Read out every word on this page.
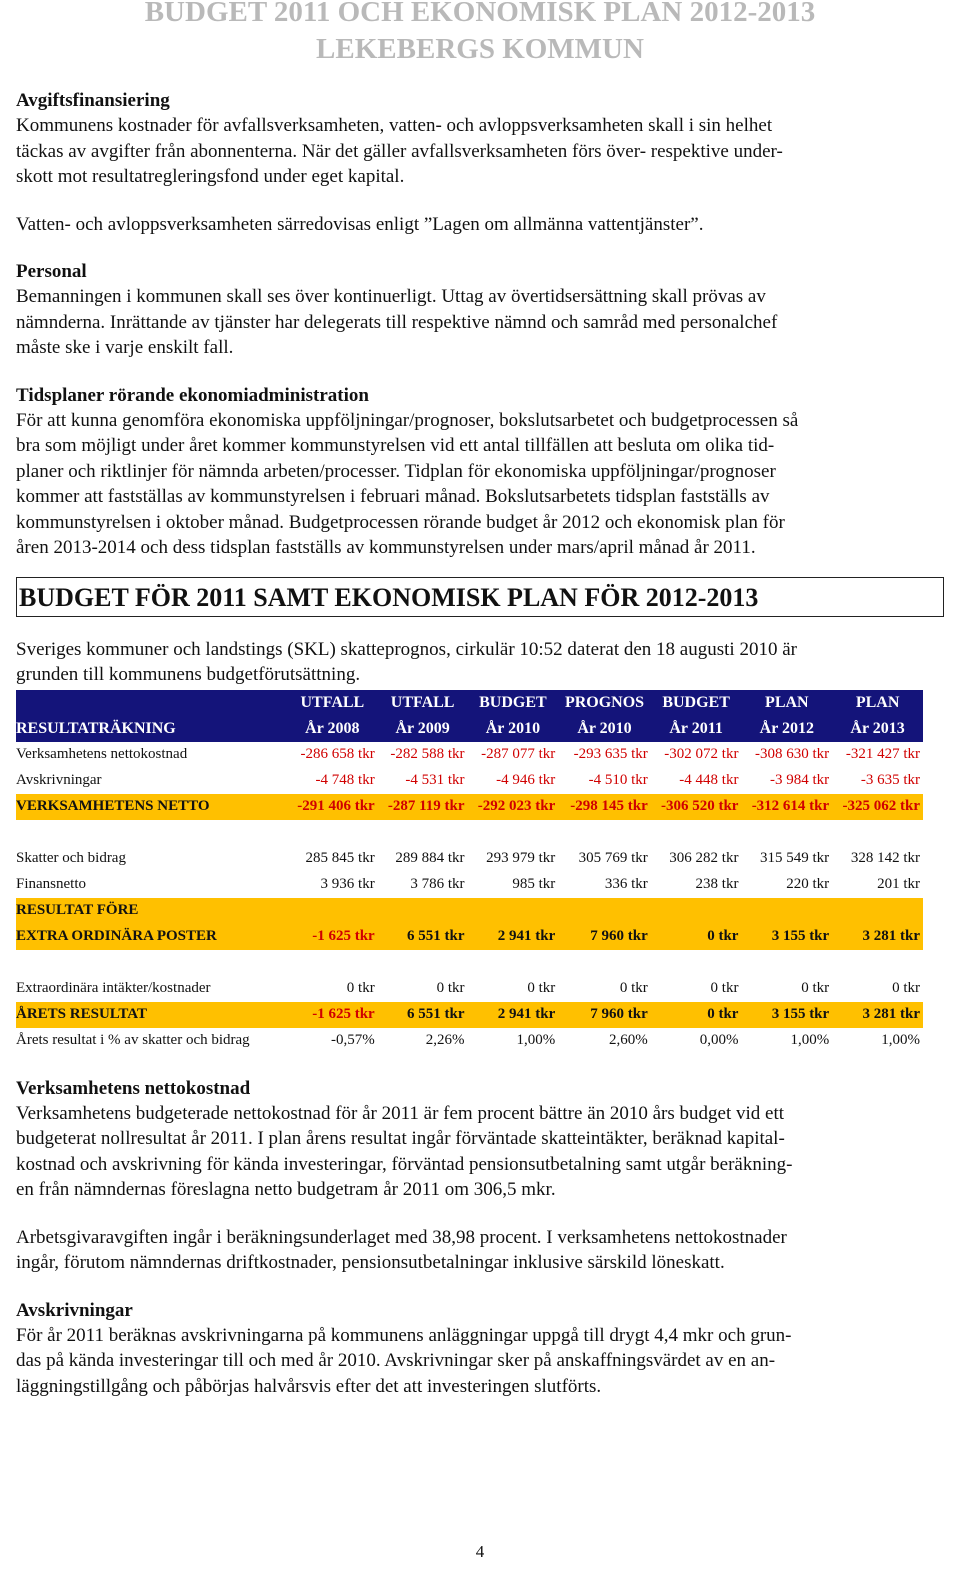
BUDGET 2011 OCH EKONOMISK PLAN 2012-2013
LEKEBERGS KOMMUN

Avgiftsfinansiering

Kommunens kostnader för avfallsverksamheten, vatten- och avloppsverksamheten skall i sin helhet

täckas av avgifter från abonnenterna. När det gäller avfallsverksamheten förs över- respektive under-

skott mot resultatregleringsfond under eget kapital.

Vatten- och avloppsverksamheten särredovisas enligt ”Lagen om allmänna vattentjänster”.

Personal

Bemanningen i kommunen skall ses över kontinuerligt. Uttag av övertidsersättning skall prövas av

nämnderna. Inrättande av tjänster har delegerats till respektive nämnd och samråd med personalchef

måste ske i varje enskilt fall.

Tidsplaner rörande ekonomiadministration

För att kunna genomföra ekonomiska uppföljningar/prognoser, bokslutsarbetet och budgetprocessen så

bra som möjligt under året kommer kommunstyrelsen vid ett antal tillfällen att besluta om olika tid-

planer och riktlinjer för nämnda arbeten/processer. Tidplan för ekonomiska uppföljningar/prognoser

kommer att fastställas av kommunstyrelsen i februari månad. Bokslutsarbetets tidsplan fastställs av

kommunstyrelsen i oktober månad. Budgetprocessen rörande budget år 2012 och ekonomisk plan för

åren 2013-2014 och dess tidsplan fastställs av kommunstyrelsen under mars/april månad år 2011.

BUDGET FÖR 2011 SAMT EKONOMISK PLAN FÖR 2012-2013

Sveriges kommuner och landstings (SKL) skatteprognos, cirkulär 10:52 daterat den 18 augusti 2010 är

grunden till kommunens budgetförutsättning.

	UTFALL	UTFALL	BUDGET	PROGNOS	BUDGET	PLAN	PLAN
RESULTATRÄKNING	År 2008	År 2009	År 2010	År 2010	År 2011	År 2012	År 2013
Verksamhetens nettokostnad	-286 658 tkr	-282 588 tkr	-287 077 tkr	-293 635 tkr	-302 072 tkr	-308 630 tkr	-321 427 tkr
Avskrivningar	-4 748 tkr	-4 531 tkr	-4 946 tkr	-4 510 tkr	-4 448 tkr	-3 984 tkr	-3 635 tkr
VERKSAMHETENS NETTO	-291 406 tkr	-287 119 tkr	-292 023 tkr	-298 145 tkr	-306 520 tkr	-312 614 tkr	-325 062 tkr

Skatter och bidrag	285 845 tkr	289 884 tkr	293 979 tkr	305 769 tkr	306 282 tkr	315 549 tkr	328 142 tkr
Finansnetto	3 936 tkr	3 786 tkr	985 tkr	336 tkr	238 tkr	220 tkr	201 tkr
RESULTAT FÖRE							
EXTRA ORDINÄRA POSTER	-1 625 tkr	6 551 tkr	2 941 tkr	7 960 tkr	0 tkr	3 155 tkr	3 281 tkr

Extraordinära intäkter/kostnader	0 tkr	0 tkr	0 tkr	0 tkr	0 tkr	0 tkr	0 tkr
ÅRETS RESULTAT	-1 625 tkr	6 551 tkr	2 941 tkr	7 960 tkr	0 tkr	3 155 tkr	3 281 tkr
Årets resultat i % av skatter och bidrag	-0,57%	2,26%	1,00%	2,60%	0,00%	1,00%	1,00%

Verksamhetens nettokostnad

Verksamhetens budgeterade nettokostnad för år 2011 är fem procent bättre än 2010 års budget vid ett

budgeterat nollresultat år 2011. I plan årens resultat ingår förväntade skatteintäkter, beräknad kapital-

kostnad och avskrivning för kända investeringar, förväntad pensionsutbetalning samt utgår beräkning-

en från nämndernas föreslagna netto budgetram år 2011 om 306,5 mkr.

Arbetsgivaravgiften ingår i beräkningsunderlaget med 38,98 procent. I verksamhetens nettokostnader

ingår, förutom nämndernas driftkostnader, pensionsutbetalningar inklusive särskild löneskatt.

Avskrivningar

För år 2011 beräknas avskrivningarna på kommunens anläggningar uppgå till drygt 4,4 mkr och grun-

das på kända investeringar till och med år 2010. Avskrivningar sker på anskaffningsvärdet av en an-

läggningstillgång och påbörjas halvårsvis efter det att investeringen slutförts.

4
